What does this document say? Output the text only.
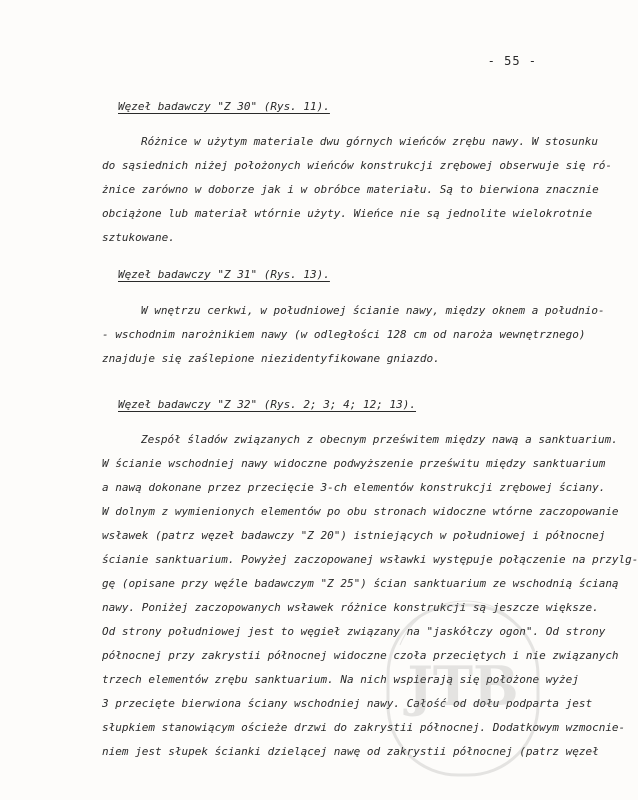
- 55 -
Węzeł badawczy "Z 30" (Rys. 11).
Różnice w użytym materiale dwu górnych wieńców zrębu nawy. W stosunku
do sąsiednich niżej położonych wieńców konstrukcji zrębowej obserwuje się ró-
żnice zarówno w doborze jak i w obróbce materiału. Są to bierwiona znacznie
obciążone lub materiał wtórnie użyty. Wieńce nie są jednolite wielokrotnie
sztukowane.
Węzeł badawczy "Z 31" (Rys. 13).
W wnętrzu cerkwi, w południowej ścianie nawy, między oknem a południo-
- wschodnim narożnikiem nawy (w odległości 128 cm od naroża wewnętrznego)
znajduje się zaślepione niezidentyfikowane gniazdo.
Węzeł badawczy "Z 32" (Rys. 2; 3; 4; 12; 13).
Zespół śladów związanych z obecnym prześwitem między nawą a sanktuarium.
W ścianie wschodniej nawy widoczne podwyższenie prześwitu między sanktuarium
a nawą dokonane przez przecięcie 3-ch elementów konstrukcji zrębowej ściany.
W dolnym z wymienionych elementów po obu stronach widoczne wtórne zaczopowanie
wsławek (patrz węzeł badawczy "Z 20") istniejących w południowej i północnej
ścianie sanktuarium. Powyżej zaczopowanej wsławki występuje połączenie na przylg-
gę (opisane przy węźle badawczym "Z 25") ścian sanktuarium ze wschodnią ścianą
nawy. Poniżej zaczopowanych wsławek różnice konstrukcji są jeszcze większe.
Od strony południowej jest to węgieł związany na "jaskółczy ogon". Od strony
północnej przy zakrystii północnej widoczne czoła przeciętych i nie związanych
trzech elementów zrębu sanktuarium. Na nich wspierają się położone wyżej
3 przecięte bierwiona ściany wschodniej nawy. Całość od dołu podparta jest
słupkiem stanowiącym ościeże drzwi do zakrystii północnej. Dodatkowym wzmocnie-
niem jest słupek ścianki dzielącej nawę od zakrystii północnej (patrz węzeł
JTB
